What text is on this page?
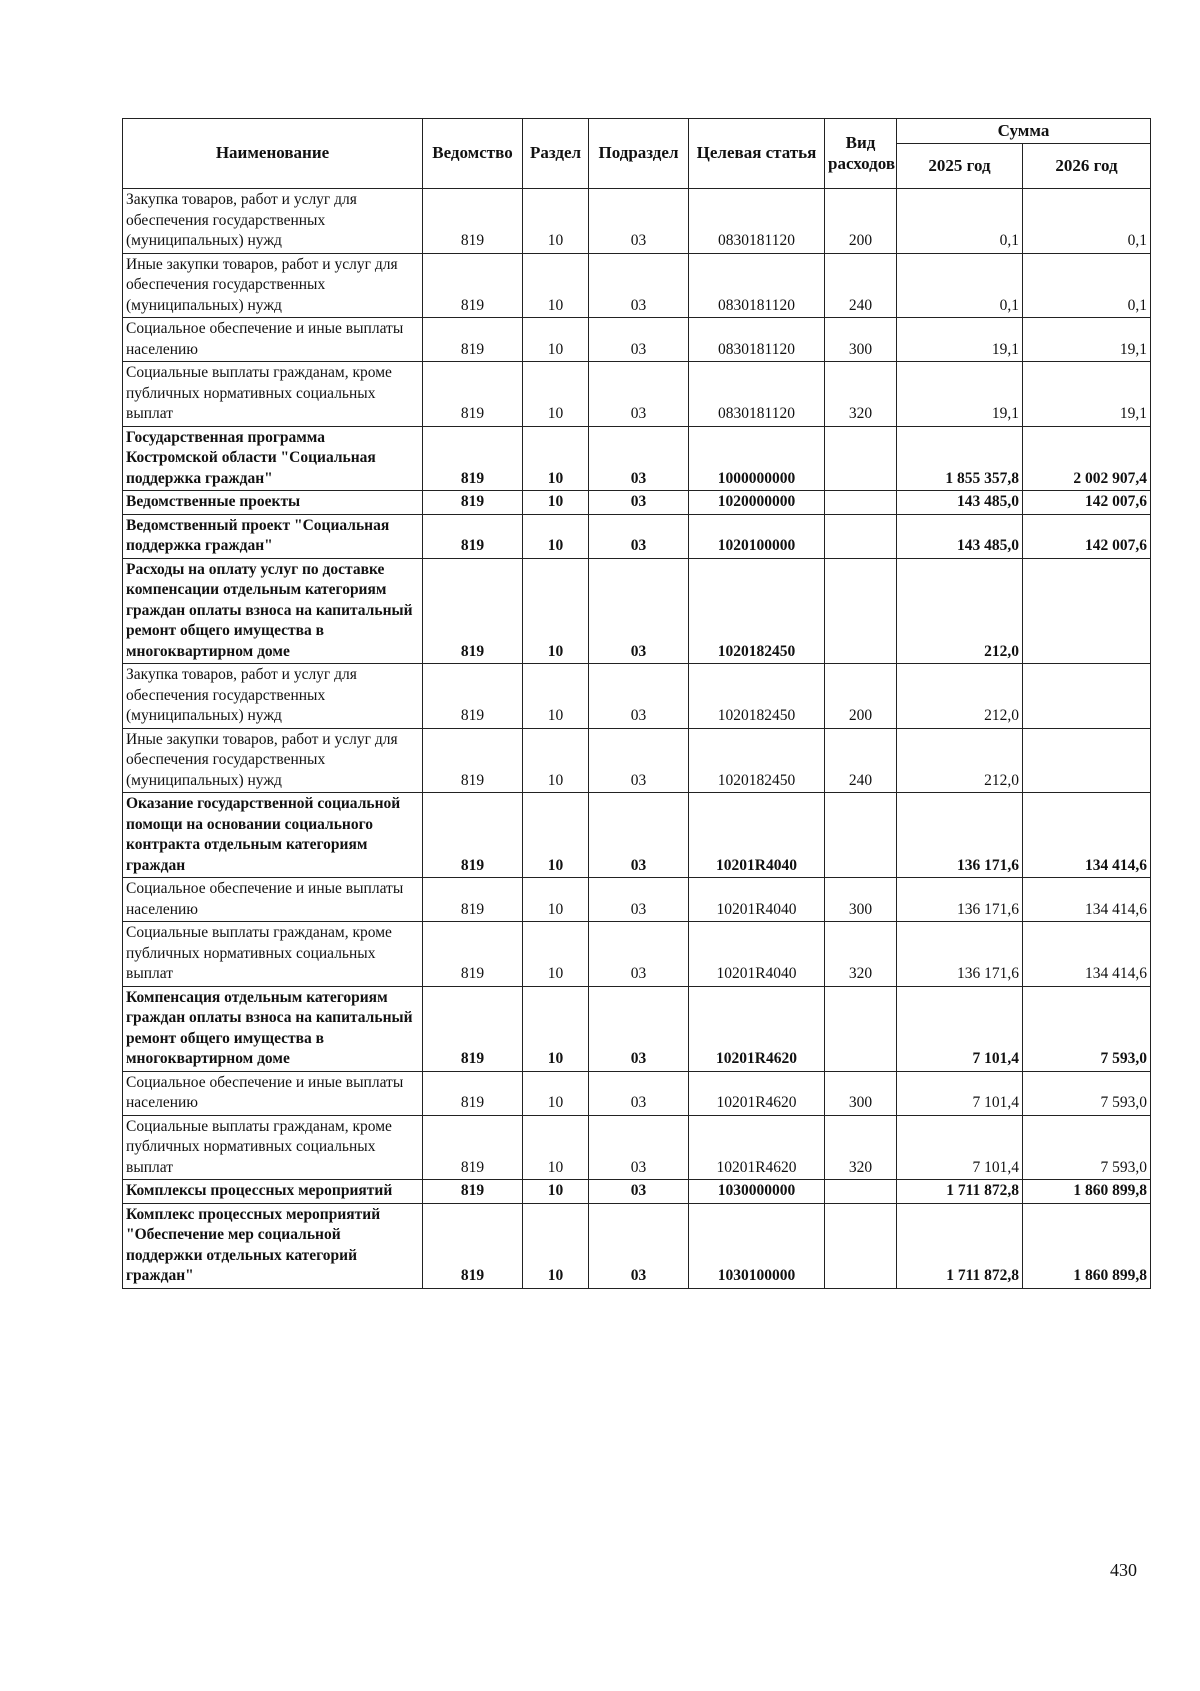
Наименование	Ведомство	Раздел	Подраздел	Целевая статья	Вид расходов	Сумма	
						2025 год	2026 год
Закупка товаров, работ и услуг для обеспечения государственных (муниципальных) нужд	819	10	03	0830181120	200	0,1	0,1
Иные закупки товаров, работ и услуг для обеспечения государственных (муниципальных) нужд	819	10	03	0830181120	240	0,1	0,1
Социальное обеспечение и иные выплаты населению	819	10	03	0830181120	300	19,1	19,1
Социальные выплаты гражданам, кроме публичных нормативных социальных выплат	819	10	03	0830181120	320	19,1	19,1
Государственная программа Костромской области "Социальная поддержка граждан"	819	10	03	1000000000		1 855 357,8	2 002 907,4
Ведомственные проекты	819	10	03	1020000000		143 485,0	142 007,6
Ведомственный проект "Социальная поддержка граждан"	819	10	03	1020100000		143 485,0	142 007,6
Расходы на оплату услуг по доставке компенсации отдельным категориям граждан оплаты взноса на капитальный ремонт общего имущества в многоквартирном доме	819	10	03	1020182450		212,0	
Закупка товаров, работ и услуг для обеспечения государственных (муниципальных) нужд	819	10	03	1020182450	200	212,0	
Иные закупки товаров, работ и услуг для обеспечения государственных (муниципальных) нужд	819	10	03	1020182450	240	212,0	
Оказание государственной социальной помощи на основании социального контракта отдельным категориям граждан	819	10	03	10201R4040		136 171,6	134 414,6
Социальное обеспечение и иные выплаты населению	819	10	03	10201R4040	300	136 171,6	134 414,6
Социальные выплаты гражданам, кроме публичных нормативных социальных выплат	819	10	03	10201R4040	320	136 171,6	134 414,6
Компенсация отдельным категориям граждан оплаты взноса на капитальный ремонт общего имущества в многоквартирном доме	819	10	03	10201R4620		7 101,4	7 593,0
Социальное обеспечение и иные выплаты населению	819	10	03	10201R4620	300	7 101,4	7 593,0
Социальные выплаты гражданам, кроме публичных нормативных социальных выплат	819	10	03	10201R4620	320	7 101,4	7 593,0
Комплексы процессных мероприятий	819	10	03	1030000000		1 711 872,8	1 860 899,8
Комплекс процессных мероприятий "Обеспечение мер социальной поддержки отдельных категорий граждан"	819	10	03	1030100000		1 711 872,8	1 860 899,8
430
